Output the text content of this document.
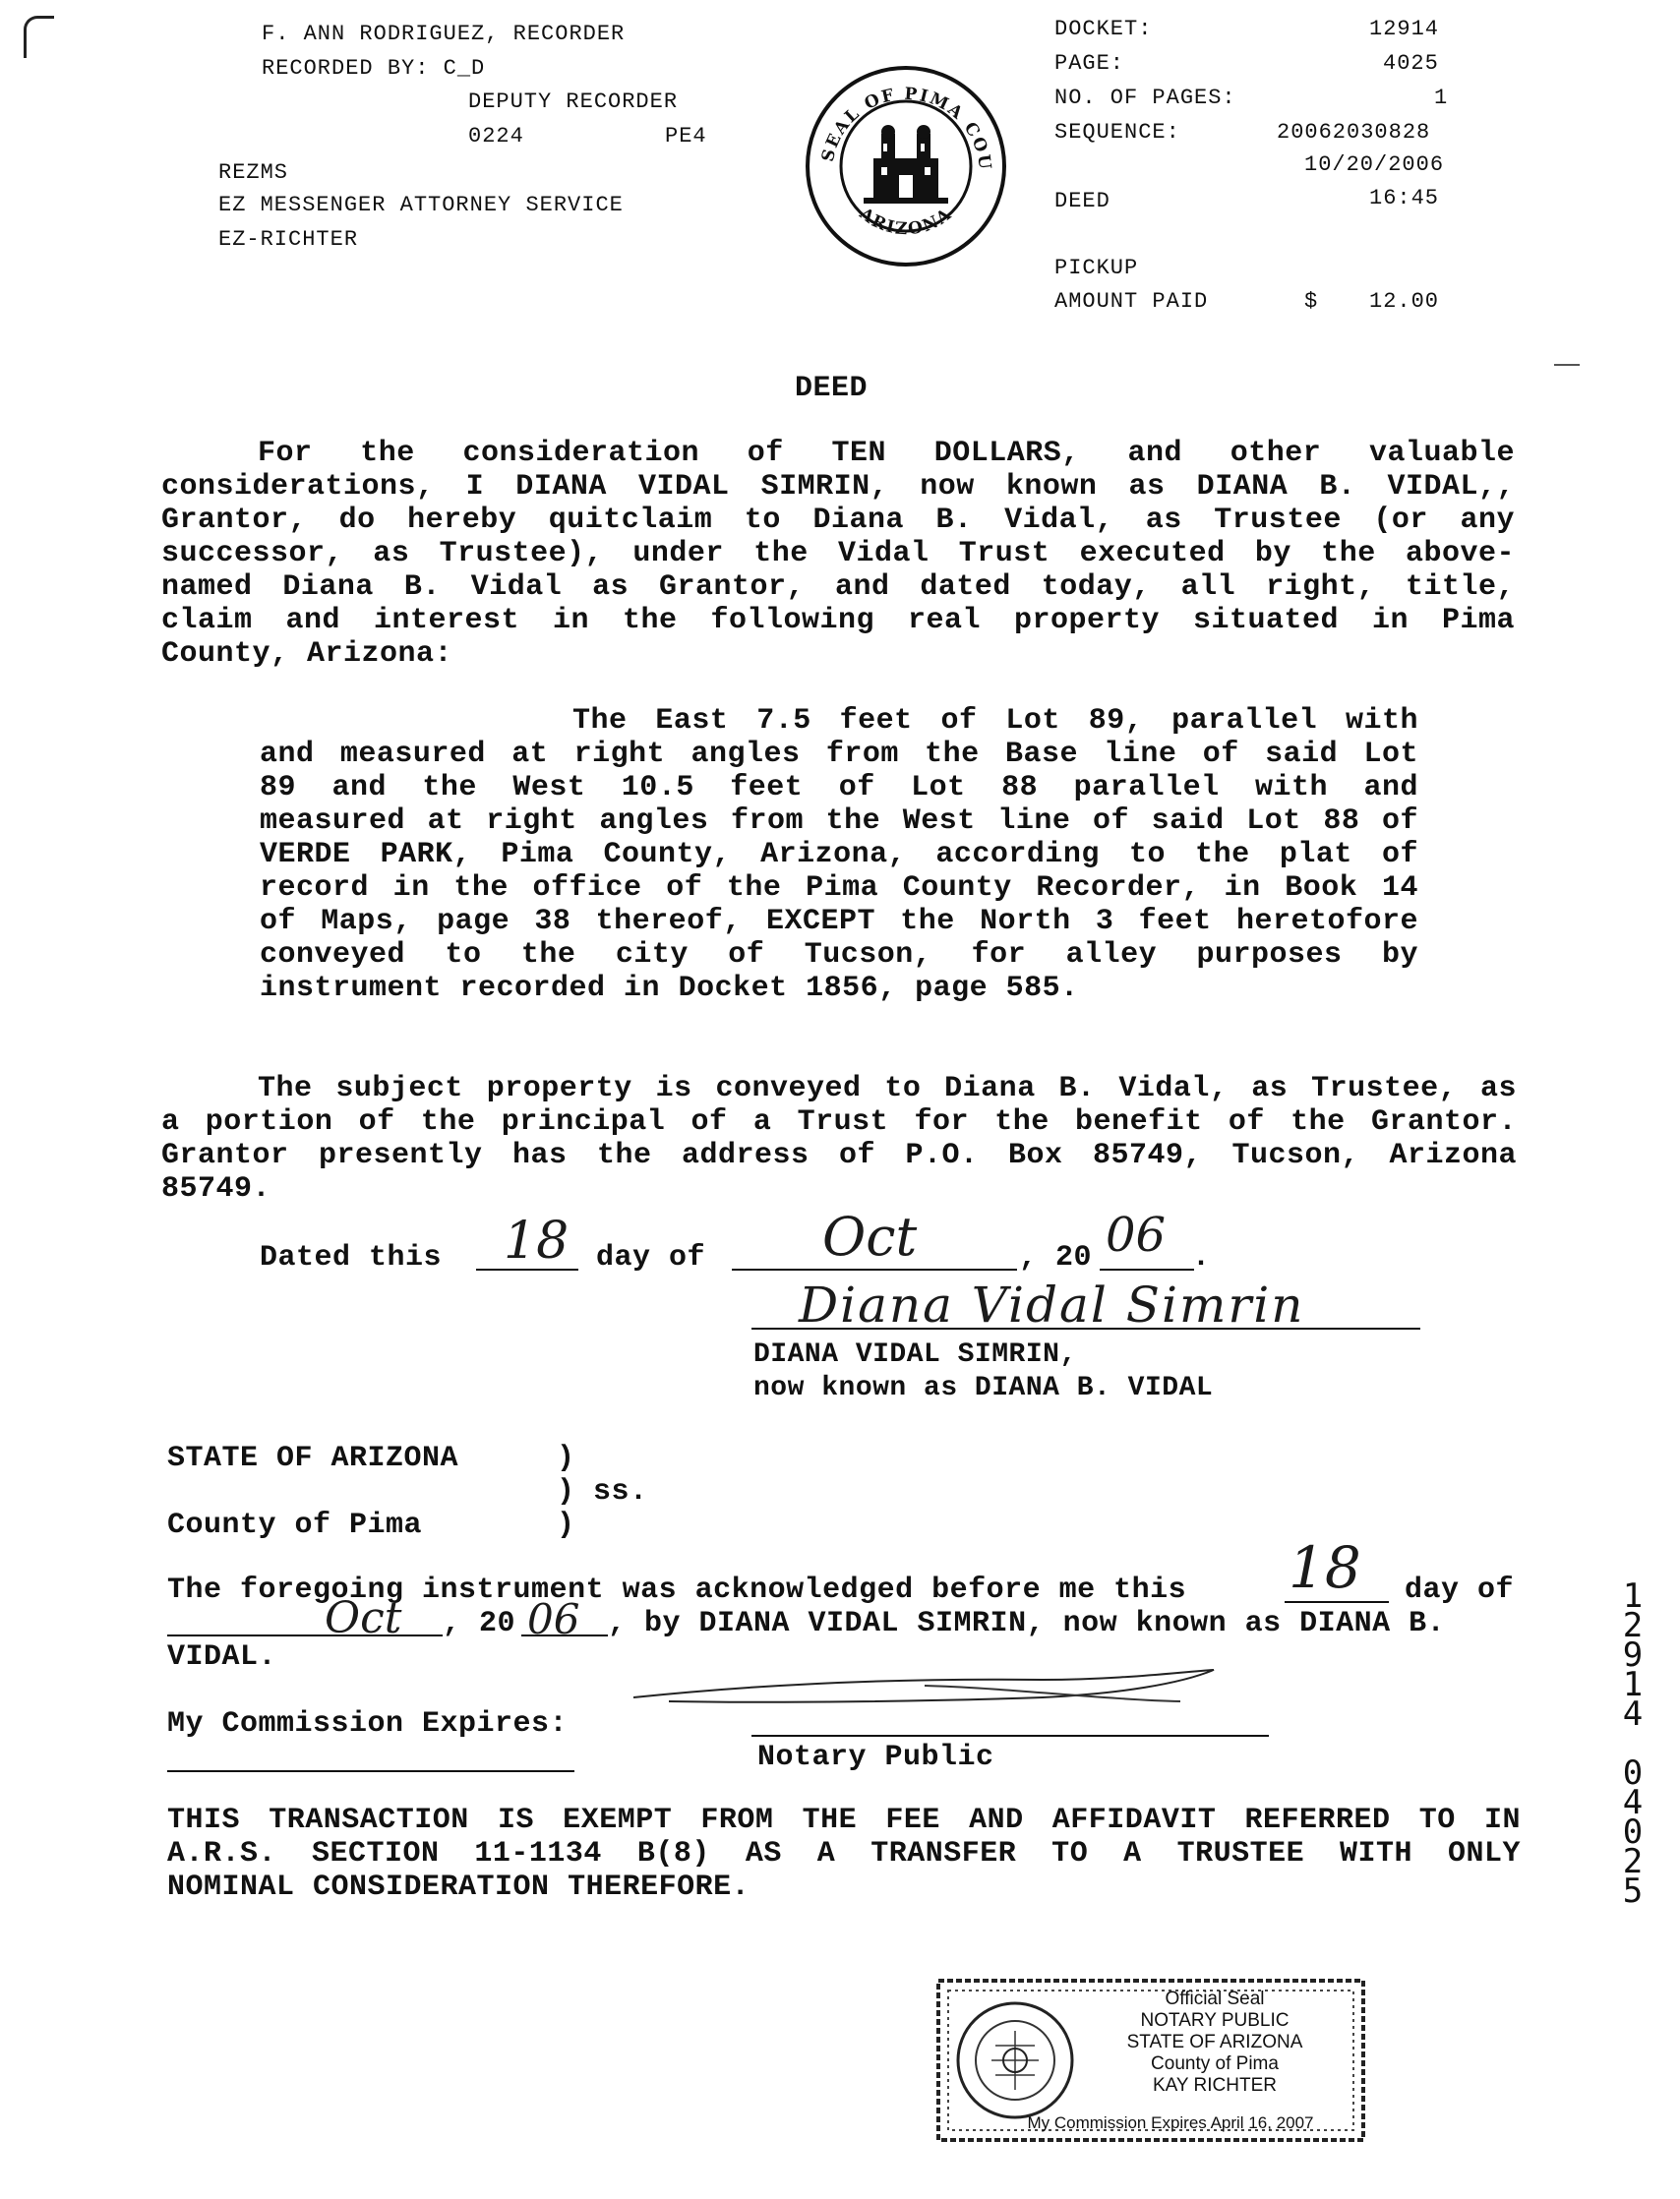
F. ANN RODRIGUEZ, RECORDER
RECORDED BY: C_D
DEPUTY RECORDER
0224	PE4
REZMS
EZ MESSENGER ATTORNEY SERVICE
EZ-RICHTER
SEAL OF PIMA COU
ARIZONA
DOCKET:	12914
PAGE:	4025
NO. OF PAGES:	1
SEQUENCE:	20062030828
10/20/2006
DEED	16:45
PICKUP
AMOUNT PAID	$ 12.00
DEED
For the consideration of TEN DOLLARS, and other valuable
considerations, I DIANA VIDAL SIMRIN, now known as DIANA B. VIDAL,,
Grantor, do hereby quitclaim to Diana B. Vidal, as Trustee (or any
successor, as Trustee), under the Vidal Trust executed by the above-
named Diana B. Vidal as Grantor, and dated today, all right, title,
claim and interest in the following real property situated in Pima
County, Arizona:
The East 7.5 feet of Lot 89, parallel with
and measured at right angles from the Base line of said Lot
89 and the West 10.5 feet of Lot 88 parallel with and
measured at right angles from the West line of said Lot 88 of
VERDE PARK, Pima County, Arizona, according to the plat of
record in the office of the Pima County Recorder, in Book 14
of Maps, page 38 thereof, EXCEPT the North 3 feet heretofore
conveyed to the city of Tucson, for alley purposes by
instrument recorded in Docket 1856, page 585.
The subject property is conveyed to Diana B. Vidal, as Trustee, as
a portion of the principal of a Trust for the benefit of the Grantor.
Grantor presently has the address of P.O. Box 85749, Tucson, Arizona
85749.
Dated this 18 day of Oct	, 20 06 .
Diana Vidal Simrin
DIANA VIDAL SIMRIN,
now known as DIANA B. VIDAL
STATE OF ARIZONA	)
) ss.
County of Pima	)
The foregoing instrument was acknowledged before me this 18 day of
Oct , 20 06 , by DIANA VIDAL SIMRIN, now known as DIANA B.
VIDAL.
My Commission Expires:
Notary Public
THIS TRANSACTION IS EXEMPT FROM THE FEE AND AFFIDAVIT REFERRED TO IN
A.R.S. SECTION 11-1134 B(8) AS A TRANSFER TO A TRUSTEE WITH ONLY
NOMINAL CONSIDERATION THEREFORE.
1
2
9
1
4

0
4
0
2
5
Official Seal
NOTARY PUBLIC
STATE OF ARIZONA
County of Pima
KAY RICHTER
My Commission Expires April 16, 2007
